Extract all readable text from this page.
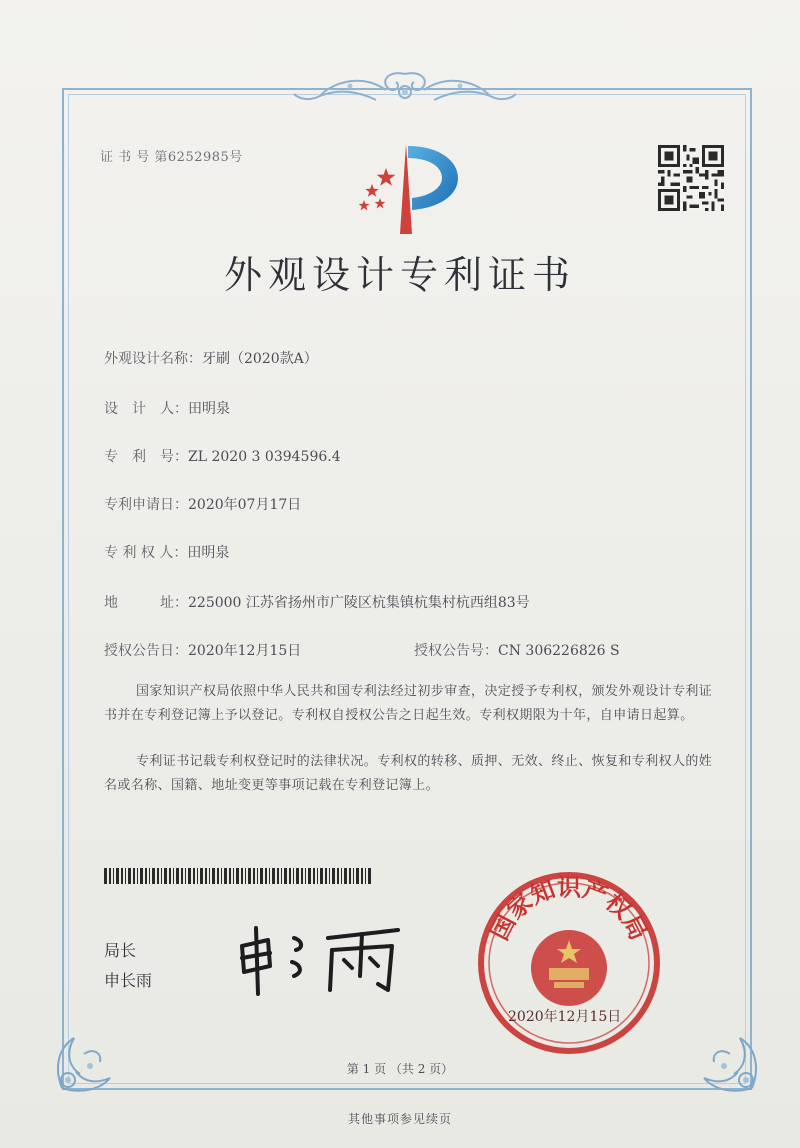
证 书 号 第6252985号
外观设计专利证书
外观设计名称：牙刷（2020款A）
设　计　人：田明泉
专　利　号：ZL 2020 3 0394596.4
专利申请日：2020年07月17日
专 利 权 人：田明泉
地　　　址：225000 江苏省扬州市广陵区杭集镇杭集村杭西组83号
授权公告日：2020年12月15日	授权公告号：CN 306226826 S
国家知识产权局依照中华人民共和国专利法经过初步审查，决定授予专利权，颁发外观设计专利证书并在专利登记簿上予以登记。专利权自授权公告之日起生效。专利权期限为十年，自申请日起算。
专利证书记载专利权登记时的法律状况。专利权的转移、质押、无效、终止、恢复和专利权人的姓名或名称、国籍、地址变更等事项记载在专利登记簿上。
局长
申长雨
国家知识产权局
2020年12月15日
第 1 页 （共 2 页）
其他事项参见续页
